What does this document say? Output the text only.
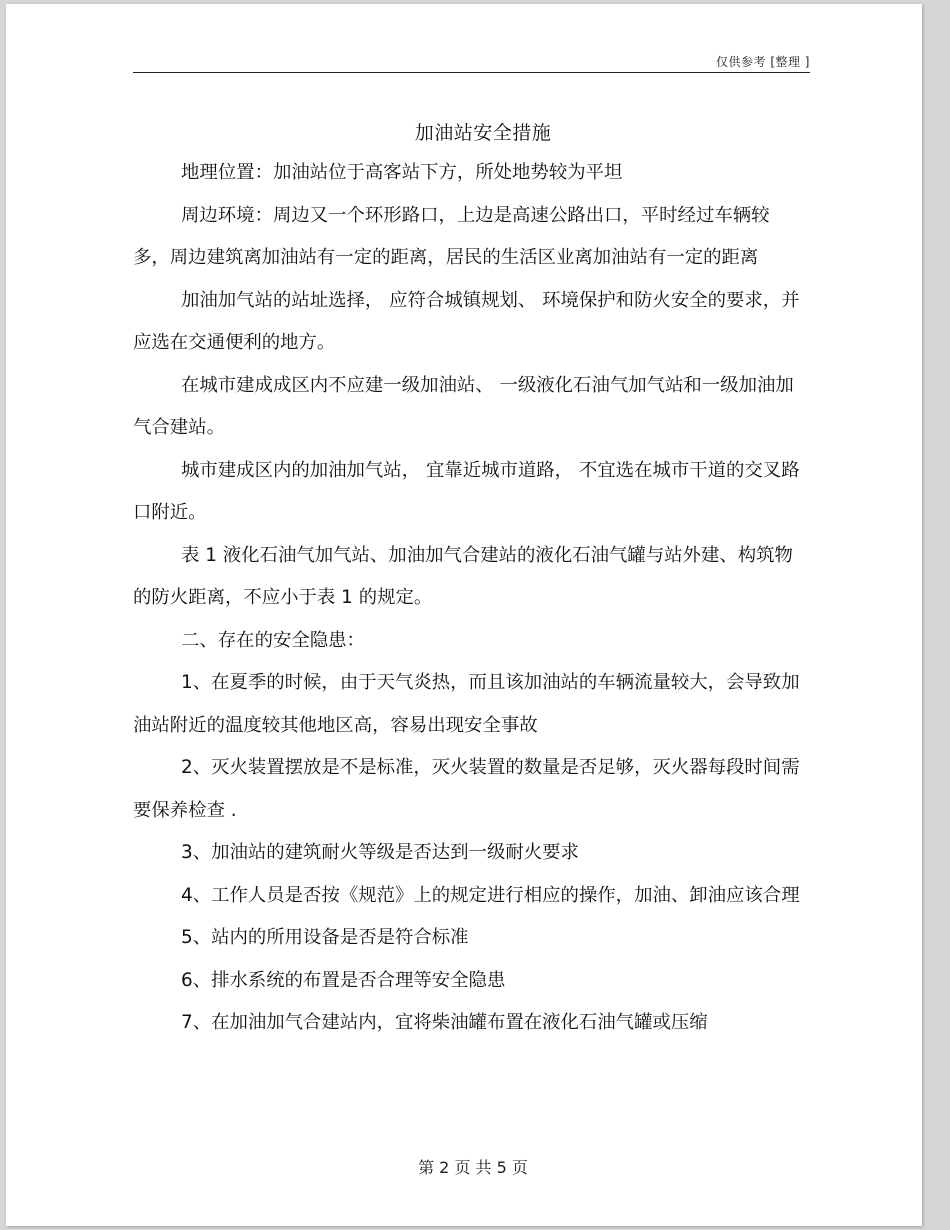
仅供参考 [整理 ]
加油站安全措施

地理位置：加油站位于高客站下方，所处地势较为平坦

周边环境：周边又一个环形路口，上边是高速公路出口，平时经过车辆较多，周边建筑离加油站有一定的距离，居民的生活区业离加油站有一定的距离

加油加气站的站址选择， 应符合城镇规划、 环境保护和防火安全的要求，并应选在交通便利的地方。

在城市建成成区内不应建一级加油站、 一级液化石油气加气站和一级加油加气合建站。

城市建成区内的加油加气站， 宜靠近城市道路， 不宜选在城市干道的交叉路口附近。

表 1 液化石油气加气站、加油加气合建站的液化石油气罐与站外建、构筑物的防火距离，不应小于表 1 的规定。

二、存在的安全隐患：

1、在夏季的时候，由于天气炎热，而且该加油站的车辆流量较大，会导致加油站附近的温度较其他地区高，容易出现安全事故

2、灭火装置摆放是不是标准，灭火装置的数量是否足够，灭火器每段时间需要保养检查 .

3、加油站的建筑耐火等级是否达到一级耐火要求

4、工作人员是否按《规范》上的规定进行相应的操作，加油、卸油应该合理

5、站内的所用设备是否是符合标准

6、排水系统的布置是否合理等安全隐患

7、在加油加气合建站内，宜将柴油罐布置在液化石油气罐或压缩

第 2 页 共 5 页
